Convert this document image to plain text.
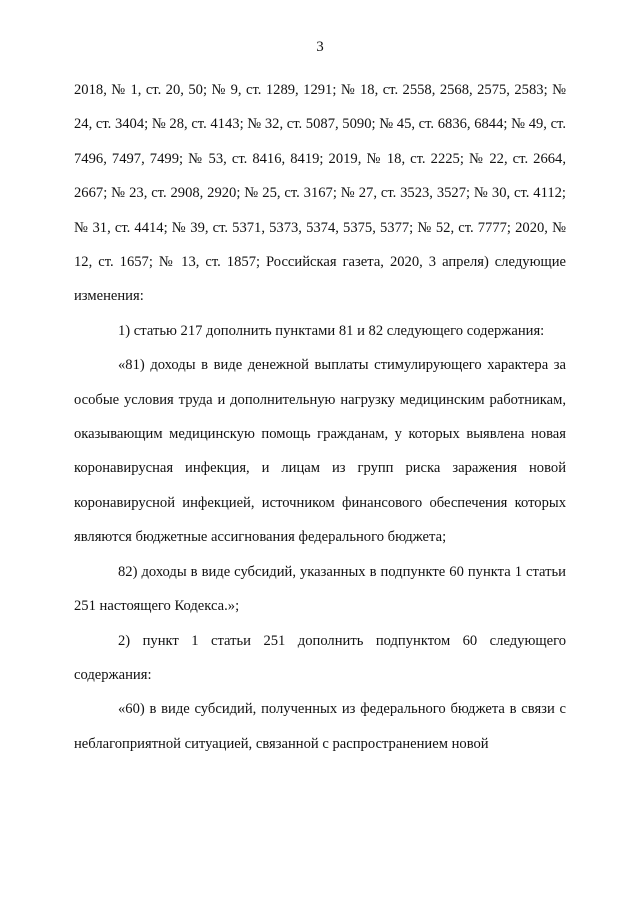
3

2018, № 1, ст. 20, 50; № 9, ст. 1289, 1291; № 18, ст. 2558, 2568, 2575, 2583; № 24, ст. 3404; № 28, ст. 4143; № 32, ст. 5087, 5090; № 45, ст. 6836, 6844; № 49, ст. 7496, 7497, 7499; № 53, ст. 8416, 8419; 2019, № 18, ст. 2225; № 22, ст. 2664, 2667; № 23, ст. 2908, 2920; № 25, ст. 3167; № 27, ст. 3523, 3527; № 30, ст. 4112; № 31, ст. 4414; № 39, ст. 5371, 5373, 5374, 5375, 5377; № 52, ст. 7777; 2020, № 12, ст. 1657; № 13, ст. 1857; Российская газета, 2020, 3 апреля) следующие изменения:

1) статью 217 дополнить пунктами 81 и 82 следующего содержания:

«81) доходы в виде денежной выплаты стимулирующего характера за особые условия труда и дополнительную нагрузку медицинским работникам, оказывающим медицинскую помощь гражданам, у которых выявлена новая коронавирусная инфекция, и лицам из групп риска заражения новой коронавирусной инфекцией, источником финансового обеспечения которых являются бюджетные ассигнования федерального бюджета;

82) доходы в виде субсидий, указанных в подпункте 60 пункта 1 статьи 251 настоящего Кодекса.»;

2) пункт 1 статьи 251 дополнить подпунктом 60 следующего содержания:

«60) в виде субсидий, полученных из федерального бюджета в связи с неблагоприятной ситуацией, связанной с распространением новой
